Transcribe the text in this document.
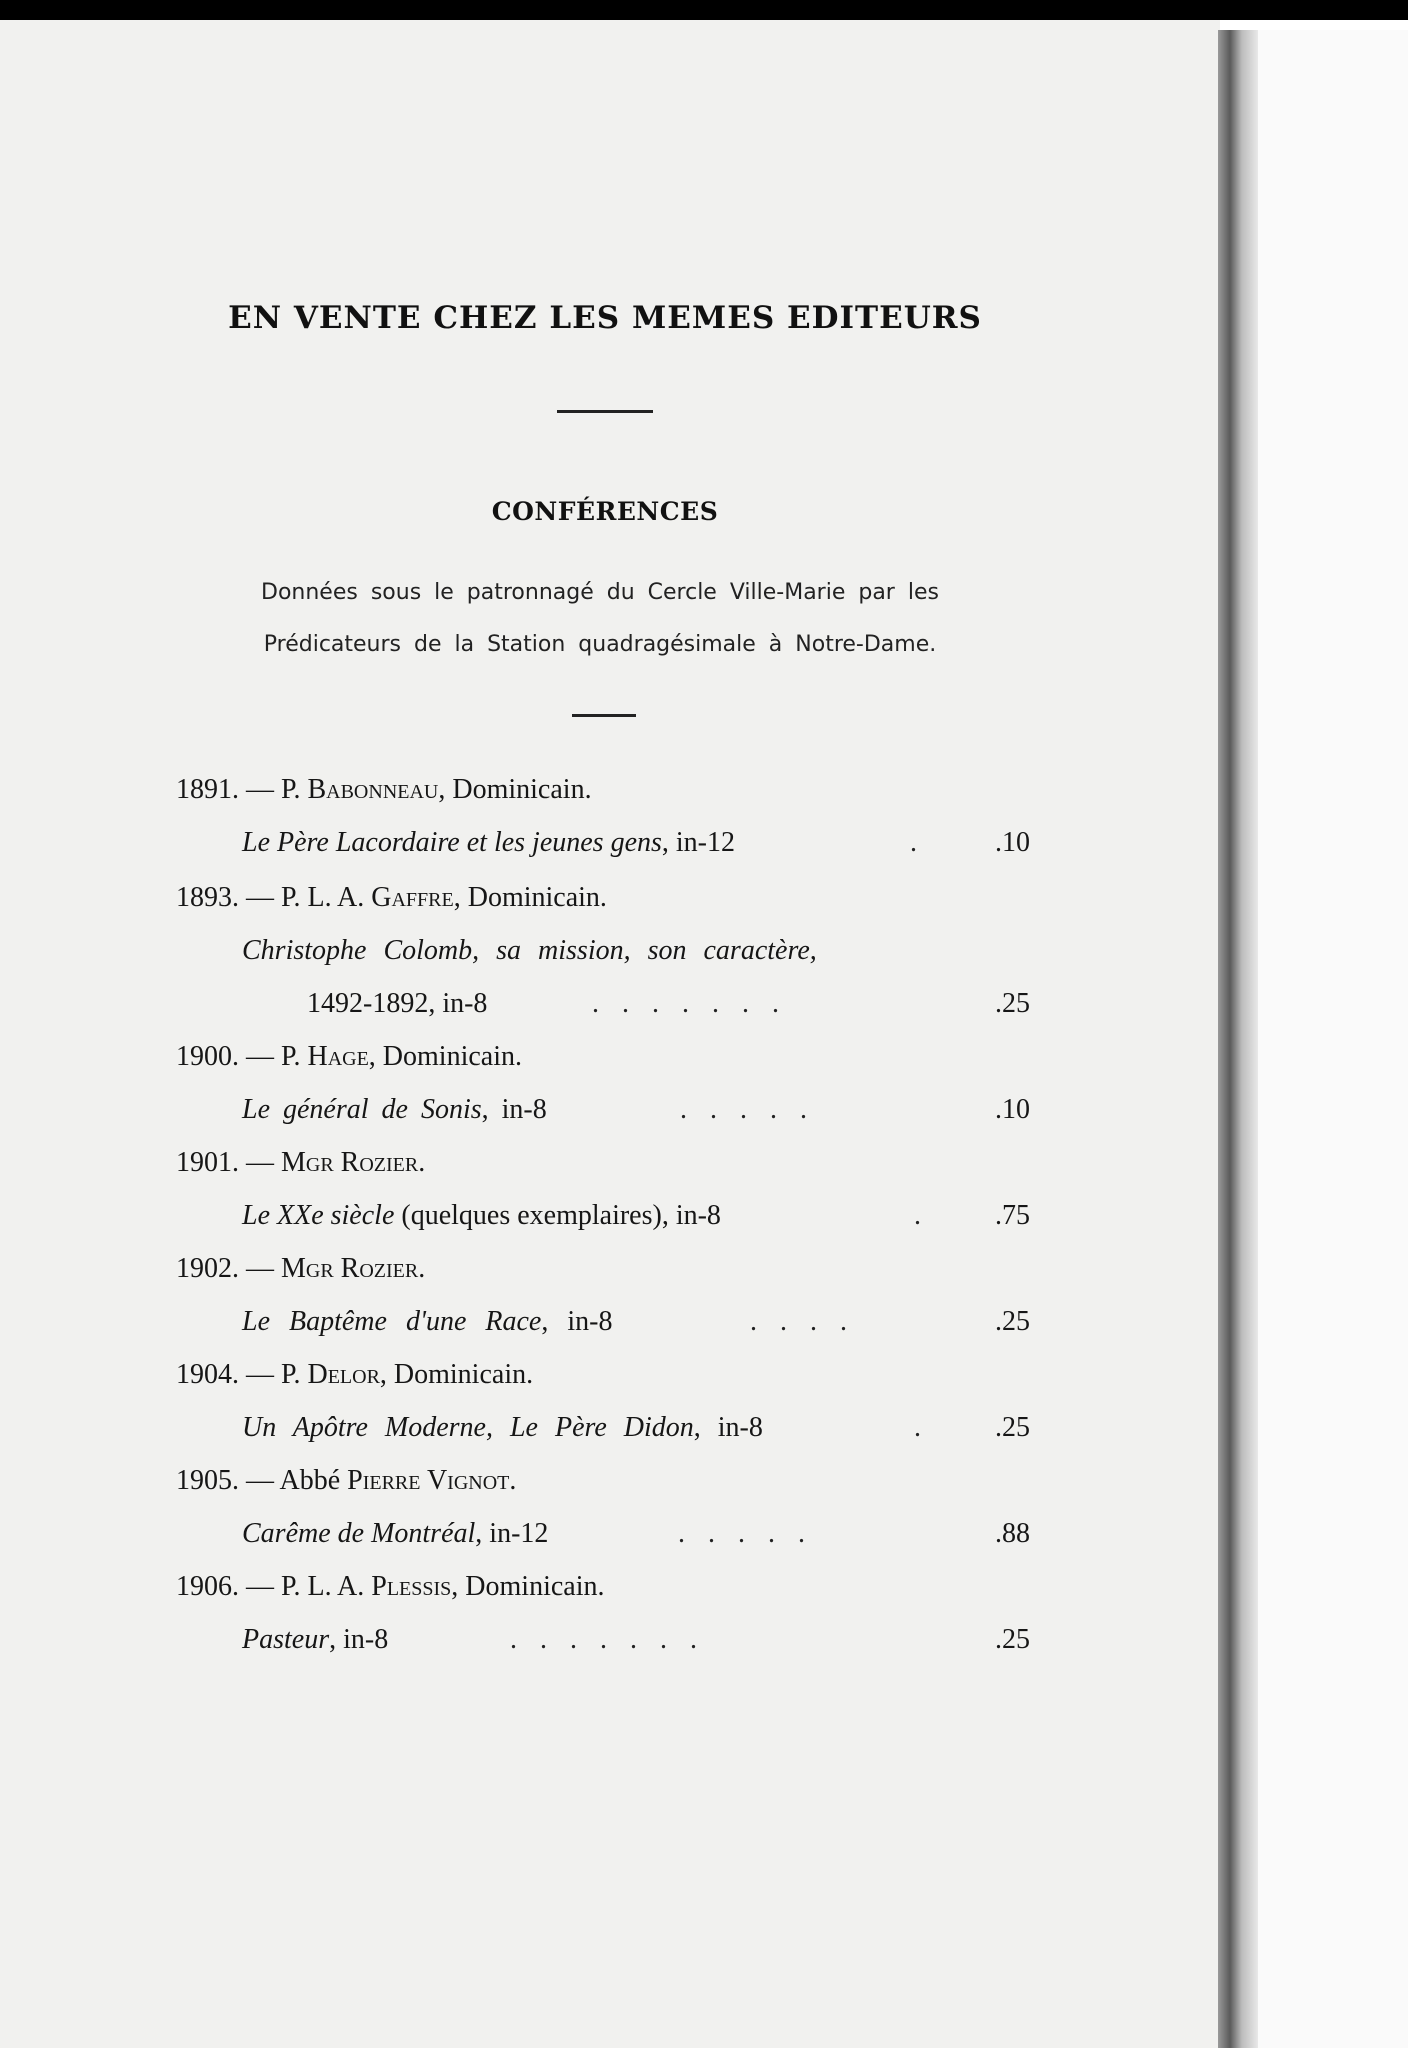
EN VENTE CHEZ LES MEMES EDITEURS
CONFÉRENCES
Données sous le patronnagé du Cercle Ville-Marie par les
Prédicateurs de la Station quadragésimale à Notre-Dame.
1891. — P. Babonneau, Dominicain.
Le Père Lacordaire et les jeunes gens, in-12	.	.10
1893. — P. L. A. Gaffre, Dominicain.
Christophe Colomb, sa mission, son caractère,
1492-1892, in-8	.......	.25
1900. — P. Hage, Dominicain.
Le général de Sonis, in-8	.....	.10
1901. — Mgr Rozier.
Le XXe siècle (quelques exemplaires), in-8	.	.75
1902. — Mgr Rozier.
Le Baptême d'une Race, in-8	....	.25
1904. — P. Delor, Dominicain.
Un Apôtre Moderne, Le Père Didon, in-8	.	.25
1905. — Abbé Pierre Vignot.
Carême de Montréal, in-12	.....	.88
1906. — P. L. A. Plessis, Dominicain.
Pasteur, in-8	.......	.25
